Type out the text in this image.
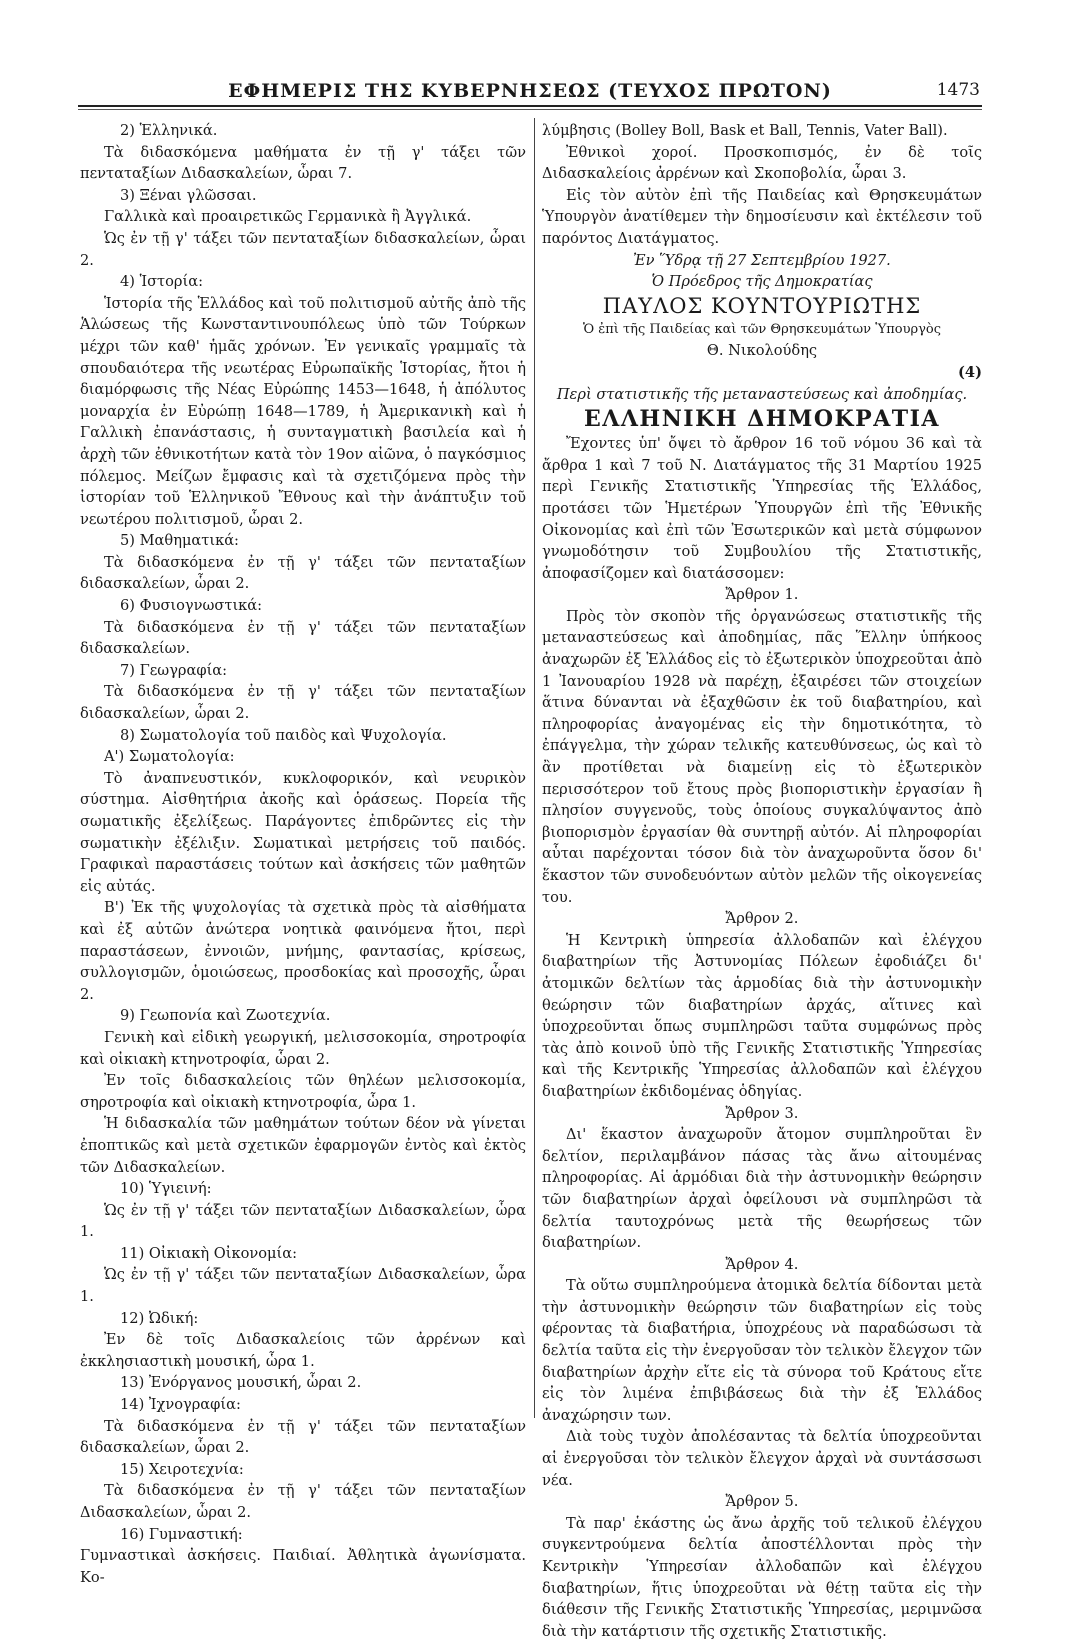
ΕΦΗΜΕΡΙΣ ΤΗΣ ΚΥΒΕΡΝΗΣΕΩΣ (ΤΕΥΧΟΣ ΠΡΩΤΟΝ)	1473

2) Ἑλληνικά.

Τὰ διδασκόμενα μαθήματα ἐν τῇ γ' τάξει τῶν πενταταξίων Διδασκαλείων, ὧραι 7.

3) Ξέναι γλῶσσαι.

Γαλλικὰ καὶ προαιρετικῶς Γερμανικὰ ἢ Ἀγγλικά.

Ὡς ἐν τῇ γ' τάξει τῶν πενταταξίων διδασκαλείων, ὧραι 2.

4) Ἱστορία:

Ἱστορία τῆς Ἑλλάδος καὶ τοῦ πολιτισμοῦ αὐτῆς ἀπὸ τῆς Ἁλώσεως τῆς Κωνσταντινουπόλεως ὑπὸ τῶν Τούρκων μέχρι τῶν καθ' ἡμᾶς χρόνων. Ἐν γενικαῖς γραμμαῖς τὰ σπουδαιότερα τῆς νεωτέρας Εὐρωπαϊκῆς Ἱστορίας, ἤτοι ἡ διαμόρφωσις τῆς Νέας Εὐρώπης 1453—1648, ἡ ἀπόλυτος μοναρχία ἐν Εὐρώπῃ 1648—1789, ἡ Ἀμερικανικὴ καὶ ἡ Γαλλικὴ ἐπανάστασις, ἡ συνταγματικὴ βασιλεία καὶ ἡ ἀρχὴ τῶν ἐθνικοτήτων κατὰ τὸν 19ον αἰῶνα, ὁ παγκόσμιος πόλεμος. Μείζων ἔμφασις καὶ τὰ σχετιζόμενα πρὸς τὴν ἱστορίαν τοῦ Ἑλληνικοῦ Ἔθνους καὶ τὴν ἀνάπτυξιν τοῦ νεωτέρου πολιτισμοῦ, ὧραι 2.

5) Μαθηματικά:

Τὰ διδασκόμενα ἐν τῇ γ' τάξει τῶν πενταταξίων διδασκαλείων, ὧραι 2.

6) Φυσιογνωστικά:

Τὰ διδασκόμενα ἐν τῇ γ' τάξει τῶν πενταταξίων διδασκαλείων.

7) Γεωγραφία:

Τὰ διδασκόμενα ἐν τῇ γ' τάξει τῶν πενταταξίων διδασκαλείων, ὧραι 2.

8) Σωματολογία τοῦ παιδὸς καὶ Ψυχολογία.

Α') Σωματολογία:

Τὸ ἀναπνευστικόν, κυκλοφορικόν, καὶ νευρικὸν σύστημα. Αἰσθητήρια ἀκοῆς καὶ ὁράσεως. Πορεία τῆς σωματικῆς ἐξελίξεως. Παράγοντες ἐπιδρῶντες εἰς τὴν σωματικὴν ἐξέλιξιν. Σωματικαὶ μετρήσεις τοῦ παιδός. Γραφικαὶ παραστάσεις τούτων καὶ ἀσκήσεις τῶν μαθητῶν εἰς αὐτάς.

Β') Ἐκ τῆς ψυχολογίας τὰ σχετικὰ πρὸς τὰ αἰσθήματα καὶ ἐξ αὐτῶν ἀνώτερα νοητικὰ φαινόμενα ἤτοι, περὶ παραστάσεων, ἐννοιῶν, μνήμης, φαντασίας, κρίσεως, συλλογισμῶν, ὁμοιώσεως, προσδοκίας καὶ προσοχῆς, ὧραι 2.

9) Γεωπονία καὶ Ζωοτεχνία.

Γενικὴ καὶ εἰδικὴ γεωργική, μελισσοκομία, σηροτροφία καὶ οἰκιακὴ κτηνοτροφία, ὧραι 2.

Ἐν τοῖς διδασκαλείοις τῶν θηλέων μελισσοκομία, σηροτροφία καὶ οἰκιακὴ κτηνοτροφία, ὧρα 1.

Ἡ διδασκαλία τῶν μαθημάτων τούτων δέον νὰ γίνεται ἐποπτικῶς καὶ μετὰ σχετικῶν ἐφαρμογῶν ἐντὸς καὶ ἐκτὸς τῶν Διδασκαλείων.

10) Ὑγιεινή:

Ὡς ἐν τῇ γ' τάξει τῶν πενταταξίων Διδασκαλείων, ὧρα 1.

11) Οἰκιακὴ Οἰκονομία:

Ὡς ἐν τῇ γ' τάξει τῶν πενταταξίων Διδασκαλείων, ὧρα 1.

12) Ὠδική:

Ἐν δὲ τοῖς Διδασκαλείοις τῶν ἀρρένων καὶ ἐκκλησιαστικὴ μουσική, ὧρα 1.

13) Ἐνόργανος μουσική, ὧραι 2.

14) Ἰχνογραφία:

Τὰ διδασκόμενα ἐν τῇ γ' τάξει τῶν πενταταξίων διδασκαλείων, ὧραι 2.

15) Χειροτεχνία:

Τὰ διδασκόμενα ἐν τῇ γ' τάξει τῶν πενταταξίων Διδασκαλείων, ὧραι 2.

16) Γυμναστική:

Γυμναστικαὶ ἀσκήσεις. Παιδιαί. Ἀθλητικὰ ἀγωνίσματα. Κο-

λύμβησις (Bolley Boll, Bask et Ball, Tennis, Vater Ball).

Ἐθνικοὶ χοροί. Προσκοπισμός, ἐν δὲ τοῖς Διδασκαλείοις ἀρρένων καὶ Σκοποβολία, ὧραι 3.

Εἰς τὸν αὐτὸν ἐπὶ τῆς Παιδείας καὶ Θρησκευμάτων Ὑπουργὸν ἀνατίθεμεν τὴν δημοσίευσιν καὶ ἐκτέλεσιν τοῦ παρόντος Διατάγματος.

Ἐν Ὕδρᾳ τῇ 27 Σεπτεμβρίου 1927.

Ὁ Πρόεδρος τῆς Δημοκρατίας

ΠΑΥΛΟΣ ΚΟΥΝΤΟΥΡΙΩΤΗΣ

Ὁ ἐπὶ τῆς Παιδείας καὶ τῶν Θρησκευμάτων Ὑπουργὸς

Θ. Νικολούδης

(4)

Περὶ στατιστικῆς τῆς μεταναστεύσεως καὶ ἀποδημίας.

ΕΛΛΗΝΙΚΗ ΔΗΜΟΚΡΑΤΙΑ

Ἔχοντες ὑπ' ὄψει τὸ ἄρθρον 16 τοῦ νόμου 36 καὶ τὰ ἄρθρα 1 καὶ 7 τοῦ Ν. Διατάγματος τῆς 31 Μαρτίου 1925 περὶ Γενικῆς Στατιστικῆς Ὑπηρεσίας τῆς Ἑλλάδος, προτάσει τῶν Ἡμετέρων Ὑπουργῶν ἐπὶ τῆς Ἐθνικῆς Οἰκονομίας καὶ ἐπὶ τῶν Ἐσωτερικῶν καὶ μετὰ σύμφωνον γνωμοδότησιν τοῦ Συμβουλίου τῆς Στατιστικῆς, ἀποφασίζομεν καὶ διατάσσομεν:

Ἄρθρον 1.

Πρὸς τὸν σκοπὸν τῆς ὀργανώσεως στατιστικῆς τῆς μεταναστεύσεως καὶ ἀποδημίας, πᾶς Ἕλλην ὑπήκοος ἀναχωρῶν ἐξ Ἑλλάδος εἰς τὸ ἐξωτερικὸν ὑποχρεοῦται ἀπὸ 1 Ἰανουαρίου 1928 νὰ παρέχῃ, ἐξαιρέσει τῶν στοιχείων ἅτινα δύνανται νὰ ἐξαχθῶσιν ἐκ τοῦ διαβατηρίου, καὶ πληροφορίας ἀναγομένας εἰς τὴν δημοτικότητα, τὸ ἐπάγγελμα, τὴν χώραν τελικῆς κατευθύνσεως, ὡς καὶ τὸ ἂν προτίθεται νὰ διαμείνῃ εἰς τὸ ἐξωτερικὸν περισσότερον τοῦ ἔτους πρὸς βιοποριστικὴν ἐργασίαν ἢ πλησίον συγγενοῦς, τοὺς ὁποίους συγκαλύψαντος ἀπὸ βιοπορισμὸν ἐργασίαν θὰ συντηρῇ αὐτόν. Αἱ πληροφορίαι αὗται παρέχονται τόσον διὰ τὸν ἀναχωροῦντα ὅσον δι' ἕκαστον τῶν συνοδευόντων αὐτὸν μελῶν τῆς οἰκογενείας του.

Ἄρθρον 2.

Ἡ Κεντρικὴ ὑπηρεσία ἀλλοδαπῶν καὶ ἐλέγχου διαβατηρίων τῆς Ἀστυνομίας Πόλεων ἐφοδιάζει δι' ἀτομικῶν δελτίων τὰς ἁρμοδίας διὰ τὴν ἀστυνομικὴν θεώρησιν τῶν διαβατηρίων ἀρχάς, αἵτινες καὶ ὑποχρεοῦνται ὅπως συμπληρῶσι ταῦτα συμφώνως πρὸς τὰς ἀπὸ κοινοῦ ὑπὸ τῆς Γενικῆς Στατιστικῆς Ὑπηρεσίας καὶ τῆς Κεντρικῆς Ὑπηρεσίας ἀλλοδαπῶν καὶ ἐλέγχου διαβατηρίων ἐκδιδομένας ὁδηγίας.

Ἄρθρον 3.

Δι' ἕκαστον ἀναχωροῦν ἄτομον συμπληροῦται ἓν δελτίον, περιλαμβάνον πάσας τὰς ἄνω αἰτουμένας πληροφορίας. Αἱ ἁρμόδιαι διὰ τὴν ἀστυνομικὴν θεώρησιν τῶν διαβατηρίων ἀρχαὶ ὀφείλουσι νὰ συμπληρῶσι τὰ δελτία ταυτοχρόνως μετὰ τῆς θεωρήσεως τῶν διαβατηρίων.

Ἄρθρον 4.

Τὰ οὕτω συμπληρούμενα ἀτομικὰ δελτία δίδονται μετὰ τὴν ἀστυνομικὴν θεώρησιν τῶν διαβατηρίων εἰς τοὺς φέροντας τὰ διαβατήρια, ὑποχρέους νὰ παραδώσωσι τὰ δελτία ταῦτα εἰς τὴν ἐνεργοῦσαν τὸν τελικὸν ἔλεγχον τῶν διαβατηρίων ἀρχὴν εἴτε εἰς τὰ σύνορα τοῦ Κράτους εἴτε εἰς τὸν λιμένα ἐπιβιβάσεως διὰ τὴν ἐξ Ἑλλάδος ἀναχώρησιν των.

Διὰ τοὺς τυχὸν ἀπολέσαντας τὰ δελτία ὑποχρεοῦνται αἱ ἐνεργοῦσαι τὸν τελικὸν ἔλεγχον ἀρχαὶ νὰ συντάσσωσι νέα.

Ἄρθρον 5.

Τὰ παρ' ἑκάστης ὡς ἄνω ἀρχῆς τοῦ τελικοῦ ἐλέγχου συγκεντρούμενα δελτία ἀποστέλλονται πρὸς τὴν Κεντρικὴν Ὑπηρεσίαν ἀλλοδαπῶν καὶ ἐλέγχου διαβατηρίων, ἥτις ὑποχρεοῦται νὰ θέτῃ ταῦτα εἰς τὴν διάθεσιν τῆς Γενικῆς Στατιστικῆς Ὑπηρεσίας, μεριμνῶσα διὰ τὴν κατάρτισιν τῆς σχετικῆς Στατιστικῆς.
